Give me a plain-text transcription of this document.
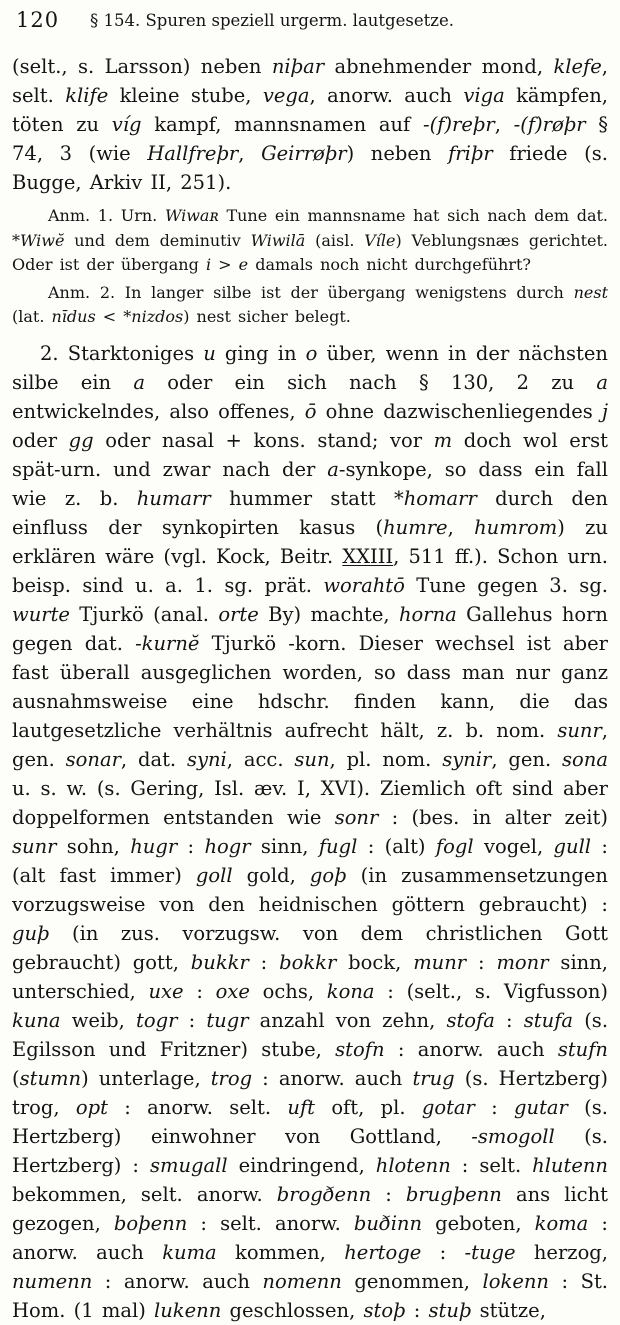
120 § 154. Spuren speziell urgerm. lautgesetze.

(selt., s. Larsson) neben niþar abnehmender mond, klefe, selt. klife kleine stube, vega, anorw. auch viga kämpfen, töten zu víg kampf, mannsnamen auf -(f)reþr, -(f)røþr § 74, 3 (wie Hallfreþr, Geirrøþr) neben friþr friede (s. Bugge, Arkiv II, 251).

Anm. 1. Urn. Wiwaʀ Tune ein mannsname hat sich nach dem dat. *Wiwĕ und dem deminutiv Wiwilā (aisl. Víle) Veblungsnæs gerichtet. Oder ist der übergang i > e damals noch nicht durchgeführt?

Anm. 2. In langer silbe ist der übergang wenigstens durch nest (lat. nīdus < *nizdos) nest sicher belegt.

2. Starktoniges u ging in o über, wenn in der nächsten silbe ein a oder ein sich nach § 130, 2 zu a entwickelndes, also offenes, ō ohne dazwischenliegendes j oder gg oder nasal + kons. stand; vor m doch wol erst spät-urn. und zwar nach der a-synkope, so dass ein fall wie z. b. humarr hummer statt *homarr durch den einfluss der synkopirten kasus (humre, humrom) zu erklären wäre (vgl. Kock, Beitr. XXIII, 511 ff.). Schon urn. beisp. sind u. a. 1. sg. prät. worahtō Tune gegen 3. sg. wurte Tjurkö (anal. orte By) machte, horna Gallehus horn gegen dat. -kurnĕ Tjurkö -korn. Dieser wechsel ist aber fast überall ausgeglichen worden, so dass man nur ganz ausnahmsweise eine hdschr. finden kann, die das lautgesetzliche verhältnis aufrecht hält, z. b. nom. sunr, gen. sonar, dat. syni, acc. sun, pl. nom. synir, gen. sona u. s. w. (s. Gering, Isl. æv. I, XVI). Ziemlich oft sind aber doppelformen entstanden wie sonr : (bes. in alter zeit) sunr sohn, hugr : hogr sinn, fugl : (alt) fogl vogel, gull : (alt fast immer) goll gold, goþ (in zusammensetzungen vorzugsweise von den heidnischen göttern gebraucht) : guþ (in zus. vorzugsw. von dem christlichen Gott gebraucht) gott, bukkr : bokkr bock, munr : monr sinn, unterschied, uxe : oxe ochs, kona : (selt., s. Vigfusson) kuna weib, togr : tugr anzahl von zehn, stofa : stufa (s. Egilsson und Fritzner) stube, stofn : anorw. auch stufn (stumn) unterlage, trog : anorw. auch trug (s. Hertzberg) trog, opt : anorw. selt. uft oft, pl. gotar : gutar (s. Hertzberg) einwohner von Gottland, -smogoll (s. Hertzberg) : smugall eindringend, hlotenn : selt. hlutenn bekommen, selt. anorw. brogðenn : brugþenn ans licht gezogen, boþenn : selt. anorw. buðinn geboten, koma : anorw. auch kuma kommen, hertoge : -tuge herzog, numenn : anorw. auch nomenn genommen, lokenn : St. Hom. (1 mal) lukenn geschlossen, stoþ : stuþ stütze,
